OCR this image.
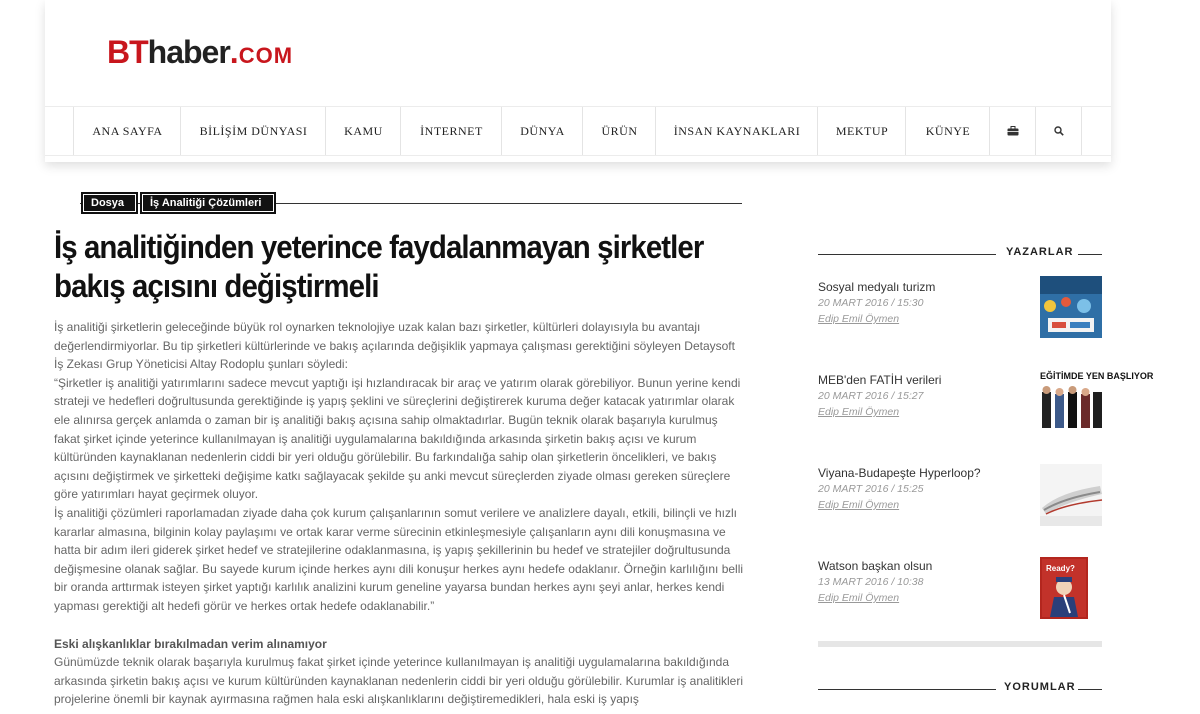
BThaber.COM
ANA SAYFA	BİLİŞİM DÜNYASI	KAMU	İNTERNET	DÜNYA	ÜRÜN	İNSAN KAYNAKLARI	MEKTUP	KÜNYE
Dosya	İş Analitiği Çözümleri
İş analitiğinden yeterince faydalanmayan şirketler
bakış açısını değiştirmeli

İş analitiği şirketlerin geleceğinde büyük rol oynarken teknolojiye uzak kalan bazı şirketler, kültürleri dolayısıyla bu avantajı değerlendirmiyorlar. Bu tip şirketleri kültürlerinde ve bakış açılarında değişiklik yapmaya çalışması gerektiğini söyleyen Detaysoft İş Zekası Grup Yöneticisi Altay Rodoplu şunları söyledi:

“Şirketler iş analitiği yatırımlarını sadece mevcut yaptığı işi hızlandıracak bir araç ve yatırım olarak görebiliyor. Bunun yerine kendi strateji ve hedefleri doğrultusunda gerektiğinde iş yapış şeklini ve süreçlerini değiştirerek kuruma değer katacak yatırımlar olarak ele alınırsa gerçek anlamda o zaman bir iş analitiği bakış açısına sahip olmaktadırlar. Bugün teknik olarak başarıyla kurulmuş fakat şirket içinde yeterince kullanılmayan iş analitiği uygulamalarına bakıldığında arkasında şirketin bakış açısı ve kurum kültüründen kaynaklanan nedenlerin ciddi bir yeri olduğu görülebilir. Bu farkındalığa sahip olan şirketlerin öncelikleri, ve bakış açısını değiştirmek ve şirketteki değişime katkı sağlayacak şekilde şu anki mevcut süreçlerden ziyade olması gereken süreçlere göre yatırımları hayat geçirmek oluyor.

İş analitiği çözümleri raporlamadan ziyade daha çok kurum çalışanlarının somut verilere ve analizlere dayalı, etkili, bilinçli ve hızlı kararlar almasına, bilginin kolay paylaşımı ve ortak karar verme sürecinin etkinleşmesiyle çalışanların aynı dili konuşmasına ve hatta bir adım ileri giderek şirket hedef ve stratejilerine odaklanmasına, iş yapış şekillerinin bu hedef ve stratejiler doğrultusunda değişmesine olanak sağlar. Bu sayede kurum içinde herkes aynı dili konuşur herkes aynı hedefe odaklanır. Örneğin karlılığını belli bir oranda arttırmak isteyen şirket yaptığı karlılık analizini kurum geneline yayarsa bundan herkes aynı şeyi anlar, herkes kendi yapması gerektiği alt hedefi görür ve herkes ortak hedefe odaklanabilir.”

Eski alışkanlıklar bırakılmadan verim alınamıyor

Günümüzde teknik olarak başarıyla kurulmuş fakat şirket içinde yeterince kullanılmayan iş analitiği uygulamalarına bakıldığında arkasında şirketin bakış açısı ve kurum kültüründen kaynaklanan nedenlerin ciddi bir yeri olduğu görülebilir. Kurumlar iş analitikleri projelerine önemli bir kaynak ayırmasına rağmen hala eski alışkanlıklarını değiştiremedikleri, hala eski iş yapış

YAZARLAR
Sosyal medyalı turizm
20 MART 2016 / 15:30
Edip Emil Öymen
MEB'den FATİH verileri
20 MART 2016 / 15:27
Edip Emil Öymen
EĞİTİMDE YEN BAŞLIYOR
Viyana-Budapeşte Hyperloop?
20 MART 2016 / 15:25
Edip Emil Öymen
Watson başkan olsun
13 MART 2016 / 10:38
Edip Emil Öymen
Ready?
YORUMLAR
